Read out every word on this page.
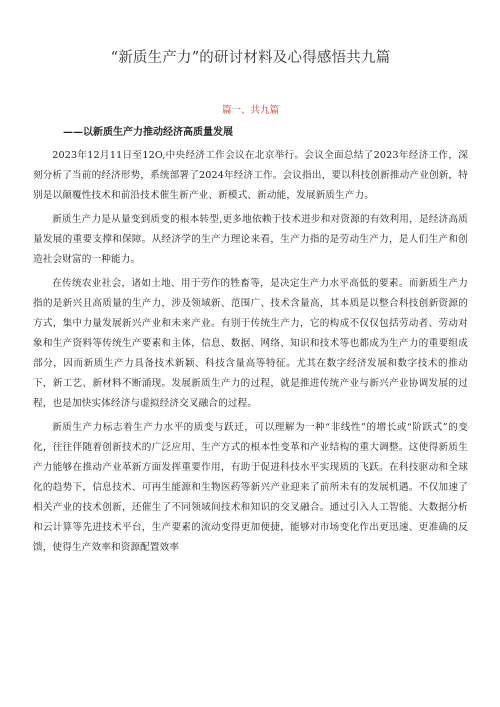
“新质生产力”的研讨材料及心得感悟共九篇
篇一、共九篇
——以新质生产力推动经济高质量发展

2023年12月11日至12O,中央经济工作会议在北京举行。会议全面总结了2023年经济工作，深刻分析了当前的经济形势，系统部署了2024年经济工作。会议指出，要以科技创新推动产业创新，特别是以颠覆性技术和前沿技术催生新产业、新模式、新动能，发展新质生产力。

新质生产力是从量变到质变的根本转型,更多地依赖于技术进步和对资源的有效利用，是经济高质量发展的重要支撑和保障。从经济学的生产力理论来看，生产力指的是劳动生产力，是人们生产和创造社会财富的一种能力。

在传统农业社会，诸如土地、用于劳作的牲畜等，是决定生产力水平高低的要素。而新质生产力指的是新兴且高质量的生产力，涉及领域新、范围广、技术含量高，其本质是以整合科技创新资源的方式，集中力量发展新兴产业和未来产业。有别于传统生产力，它的构成不仅仅包括劳动者、劳动对象和生产资料等传统生产要素和主体，信息、数据、网络、知识和技术等也都成为生产力的重要组成部分，因而新质生产力具备技术新颖、科技含量高等特征。尤其在数字经济发展和数字技术的推动下，新工艺、新材料不断涌现。发展新质生产力的过程，就是推进传统产业与新兴产业协调发展的过程，也是加快实体经济与虚拟经济交叉融合的过程。

新质生产力标志着生产力水平的质变与跃迁，可以理解为一种“非线性”的增长或“阶跃式”的变化，往往伴随着创新技术的广泛应用、生产方式的根本性变革和产业结构的重大调整。这使得新质生产力能够在推动产业革新方面发挥重要作用，有助于促进科技水平实现质的飞跃。在科技驱动和全球化的趋势下，信息技术、可再生能源和生物医药等新兴产业迎来了前所未有的发展机遇。不仅加速了相关产业的技术创新，还催生了不同领域间技术和知识的交叉融合。通过引入人工智能、大数据分析和云计算等先进技术平台，生产要素的流动变得更加便捷，能够对市场变化作出更迅速、更准确的反馈，使得生产效率和资源配置效率
